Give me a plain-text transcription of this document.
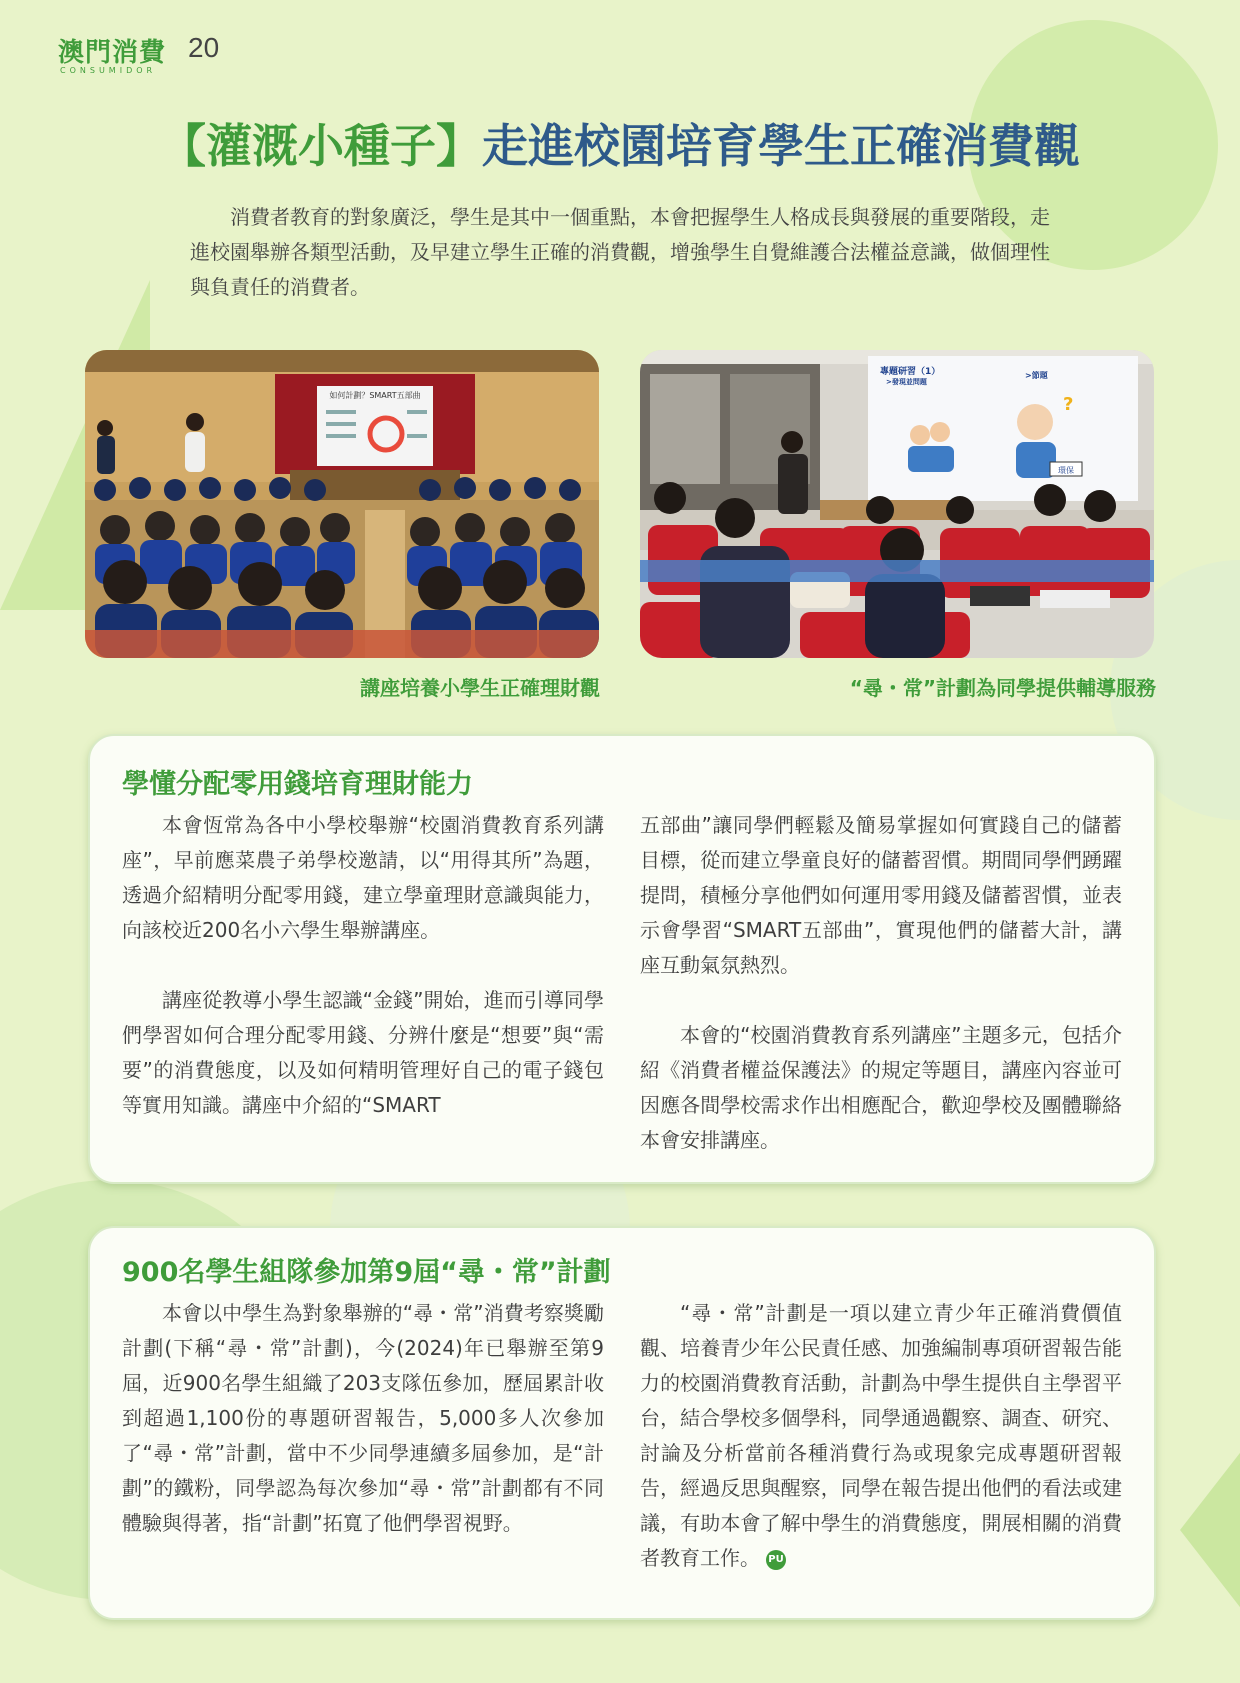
澳門消費
CONSUMIDOR
20
【灌溉小種子】走進校園培育學生正確消費觀
消費者教育的對象廣泛，學生是其中一個重點，本會把握學生人格成長與發展的重要階段，走進校園舉辦各類型活動，及早建立學生正確的消費觀，增強學生自覺維護合法權益意識，做個理性與負責任的消費者。
如何計劃？SMART五部曲
專題研習（1）
>發現並問題
>節題
?
環保
講座培養小學生正確理財觀	“尋・常”計劃為同學提供輔導服務
學懂分配零用錢培育理財能力

本會恆常為各中小學校舉辦“校園消費教育系列講座”，早前應菜農子弟學校邀請，以“用得其所”為題，透過介紹精明分配零用錢，建立學童理財意識與能力，向該校近200名小六學生舉辦講座。

講座從教導小學生認識“金錢”開始，進而引導同學們學習如何合理分配零用錢、分辨什麼是“想要”與“需要”的消費態度，以及如何精明管理好自己的電子錢包等實用知識。講座中介紹的“SMART

五部曲”讓同學們輕鬆及簡易掌握如何實踐自己的儲蓄目標，從而建立學童良好的儲蓄習慣。期間同學們踴躍提問，積極分享他們如何運用零用錢及儲蓄習慣，並表示會學習“SMART五部曲”，實現他們的儲蓄大計，講座互動氣氛熱烈。

本會的“校園消費教育系列講座”主題多元，包括介紹《消費者權益保護法》的規定等題目，講座內容並可因應各間學校需求作出相應配合，歡迎學校及團體聯絡本會安排講座。

900名學生組隊參加第9屆“尋・常”計劃

本會以中學生為對象舉辦的“尋・常”消費考察獎勵計劃(下稱“尋・常”計劃)，今(2024)年已舉辦至第9屆，近900名學生組織了203支隊伍參加，歷屆累計收到超過1,100份的專題研習報告，5,000多人次參加了“尋・常”計劃，當中不少同學連續多屆參加，是“計劃”的鐵粉，同學認為每次參加“尋・常”計劃都有不同體驗與得著，指“計劃”拓寬了他們學習視野。

“尋・常”計劃是一項以建立青少年正確消費價值觀、培養青少年公民責任感、加強編制專項研習報告能力的校園消費教育活動，計劃為中學生提供自主學習平台，結合學校多個學科，同學通過觀察、調查、研究、討論及分析當前各種消費行為或現象完成專題研習報告，經過反思與醒察，同學在報告提出他們的看法或建議，有助本會了解中學生的消費態度，開展相關的消費者教育工作。 PU
